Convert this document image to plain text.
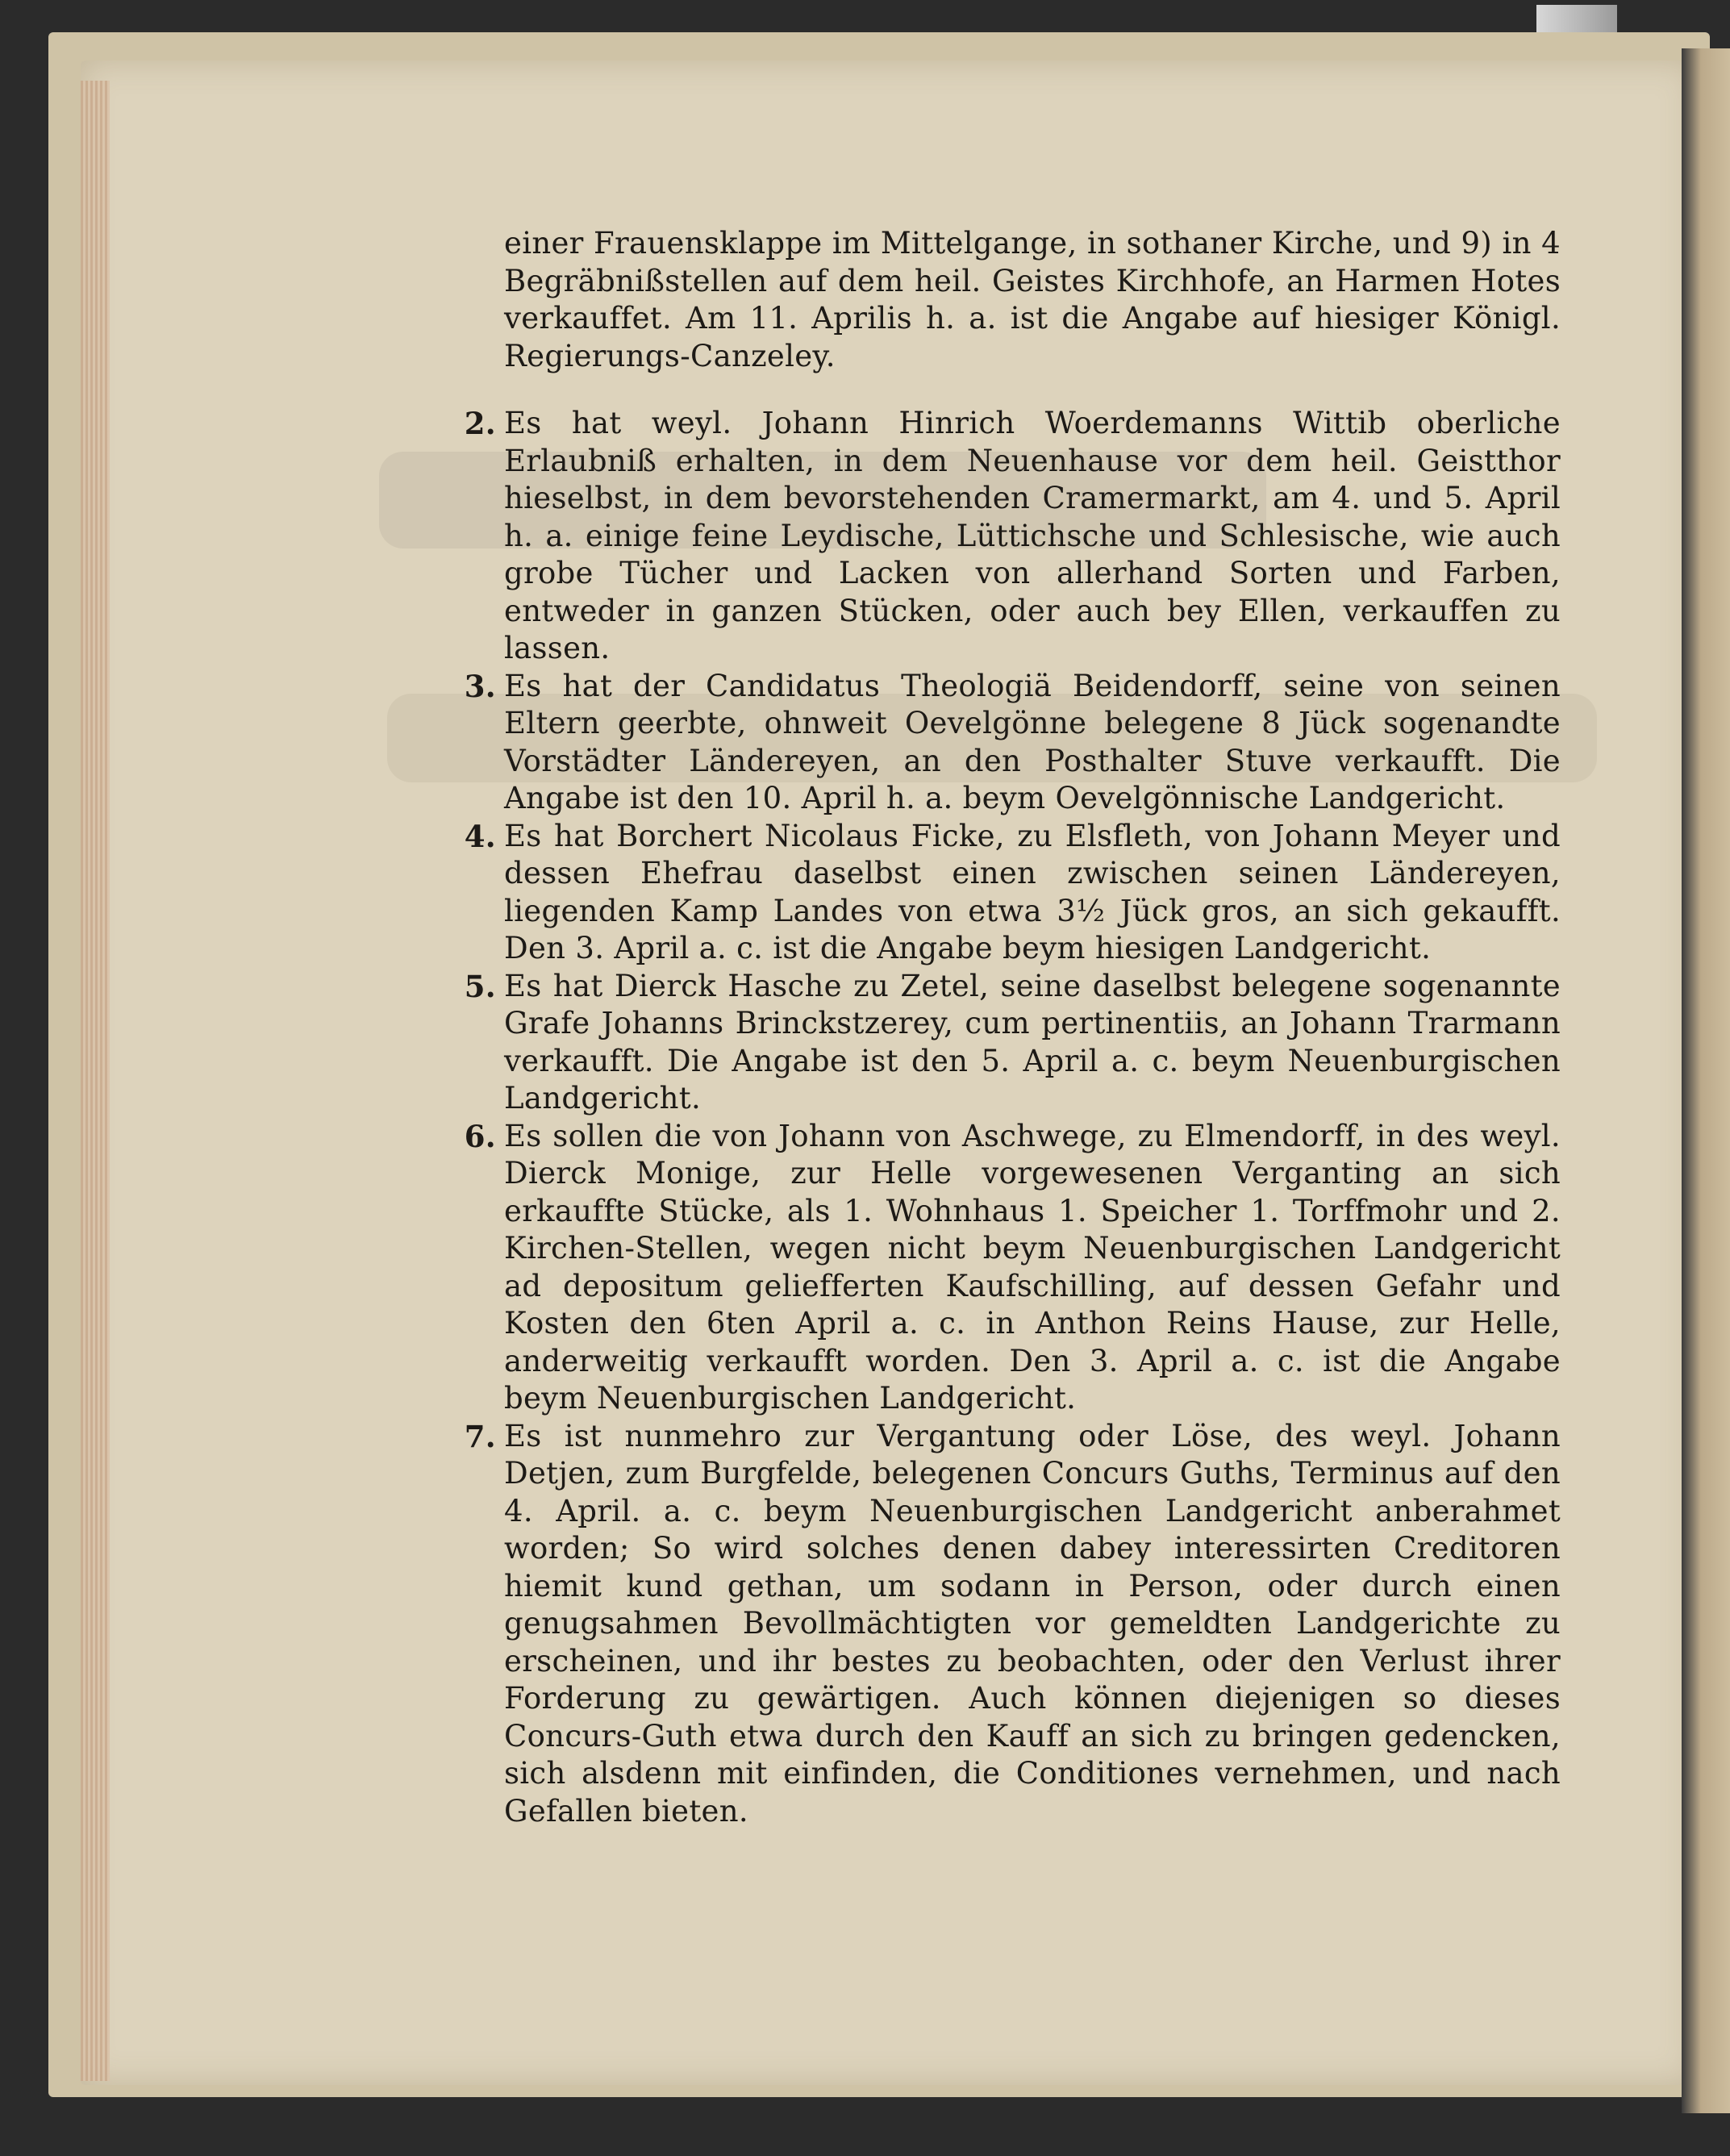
einer Frauensklappe im Mittelgange, in sothaner Kirche, und 9) in 4 Begräbnißstellen auf dem heil. Geistes Kirchhofe, an Harmen Hotes verkauffet. Am 11. Aprilis h. a. ist die Angabe auf hiesiger Königl. Regierungs-Canzeley.

2. Es hat weyl. Johann Hinrich Woerdemanns Wittib oberliche Erlaubniß erhalten, in dem Neuenhause vor dem heil. Geistthor hieselbst, in dem bevorstehenden Cramermarkt, am 4. und 5. April h. a. einige feine Leydische, Lüttichsche und Schlesische, wie auch grobe Tücher und Lacken von allerhand Sorten und Farben, entweder in ganzen Stücken, oder auch bey Ellen, verkauffen zu lassen.

3. Es hat der Candidatus Theologiä Beidendorff, seine von seinen Eltern geerbte, ohnweit Oevelgönne belegene 8 Jück sogenandte Vorstädter Ländereyen, an den Posthalter Stuve verkaufft. Die Angabe ist den 10. April h. a. beym Oevelgönnische Landgericht.

4. Es hat Borchert Nicolaus Ficke, zu Elsfleth, von Johann Meyer und dessen Ehefrau daselbst einen zwischen seinen Ländereyen, liegenden Kamp Landes von etwa 3½ Jück gros, an sich gekaufft. Den 3. April a. c. ist die Angabe beym hiesigen Landgericht.

5. Es hat Dierck Hasche zu Zetel, seine daselbst belegene sogenannte Grafe Johanns Brinckstzerey, cum pertinentiis, an Johann Trarmann verkaufft. Die Angabe ist den 5. April a. c. beym Neuenburgischen Landgericht.

6. Es sollen die von Johann von Aschwege, zu Elmendorff, in des weyl. Dierck Monige, zur Helle vorgewesenen Verganting an sich erkauffte Stücke, als 1. Wohnhaus 1. Speicher 1. Torffmohr und 2. Kirchen-Stellen, wegen nicht beym Neuenburgischen Landgericht ad depositum geliefferten Kaufschilling, auf dessen Gefahr und Kosten den 6ten April a. c. in Anthon Reins Hause, zur Helle, anderweitig verkaufft worden. Den 3. April a. c. ist die Angabe beym Neuenburgischen Landgericht.

7. Es ist nunmehro zur Vergantung oder Löse, des weyl. Johann Detjen, zum Burgfelde, belegenen Concurs Guths, Terminus auf den 4. April. a. c. beym Neuenburgischen Landgericht anberahmet worden; So wird solches denen dabey interessirten Creditoren hiemit kund gethan, um sodann in Person, oder durch einen genugsahmen Bevollmächtigten vor gemeldten Landgerichte zu erscheinen, und ihr bestes zu beobachten, oder den Verlust ihrer Forderung zu gewärtigen. Auch können diejenigen so dieses Concurs-Guth etwa durch den Kauff an sich zu bringen gedencken, sich alsdenn mit einfinden, die Conditiones vernehmen, und nach Gefallen bieten.
